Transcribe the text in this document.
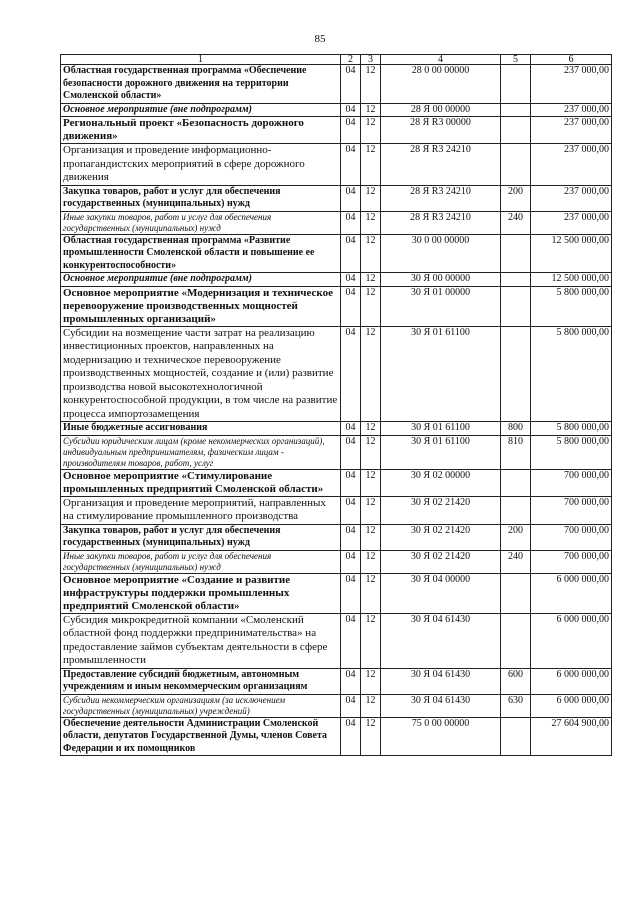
85
1	2	3	4	5	6
Областная государственная программа «Обеспечение безопасности дорожного движения на территории Смоленской области»	04	12	28 0 00 00000		237 000,00
Основное мероприятие (вне подпрограмм)	04	12	28 Я 00 00000		237 000,00
Региональный проект «Безопасность дорожного движения»	04	12	28 Я R3 00000		237 000,00
Организация и проведение информационно-пропагандистских мероприятий в сфере дорожного движения	04	12	28 Я R3 24210		237 000,00
Закупка товаров, работ и услуг для обеспечения государственных (муниципальных) нужд	04	12	28 Я R3 24210	200	237 000,00
Иные закупки товаров, работ и услуг для обеспечения государственных (муниципальных) нужд	04	12	28 Я R3 24210	240	237 000,00
Областная государственная программа «Развитие промышленности Смоленской области и повышение ее конкурентоспособности»	04	12	30 0 00 00000		12 500 000,00
Основное мероприятие (вне подпрограмм)	04	12	30 Я 00 00000		12 500 000,00
Основное мероприятие «Модернизация и техническое перевооружение производственных мощностей промышленных организаций»	04	12	30 Я 01 00000		5 800 000,00
Субсидии на возмещение части затрат на реализацию инвестиционных проектов, направленных на модернизацию и техническое перевооружение производственных мощностей, создание и (или) развитие производства новой высокотехнологичной конкурентоспособной продукции, в том числе на развитие процесса импортозамещения	04	12	30 Я 01 61100		5 800 000,00
Иные бюджетные ассигнования	04	12	30 Я 01 61100	800	5 800 000,00
Субсидии юридическим лицам (кроме некоммерческих организаций), индивидуальным предпринимателям, физическим лицам - производителям товаров, работ, услуг	04	12	30 Я 01 61100	810	5 800 000,00
Основное мероприятие «Стимулирование промышленных предприятий Смоленской области»	04	12	30 Я 02 00000		700 000,00
Организация и проведение мероприятий, направленных на стимулирование промышленного производства	04	12	30 Я 02 21420		700 000,00
Закупка товаров, работ и услуг для обеспечения государственных (муниципальных) нужд	04	12	30 Я 02 21420	200	700 000,00
Иные закупки товаров, работ и услуг для обеспечения государственных (муниципальных) нужд	04	12	30 Я 02 21420	240	700 000,00
Основное мероприятие «Создание и развитие инфраструктуры поддержки промышленных предприятий Смоленской области»	04	12	30 Я 04 00000		6 000 000,00
Субсидия микрокредитной компании «Смоленский областной фонд поддержки предпринимательства» на предоставление займов субъектам деятельности в сфере промышленности	04	12	30 Я 04 61430		6 000 000,00
Предоставление субсидий бюджетным, автономным учреждениям и иным некоммерческим организациям	04	12	30 Я 04 61430	600	6 000 000,00
Субсидии некоммерческим организациям (за исключением государственных (муниципальных) учреждений)	04	12	30 Я 04 61430	630	6 000 000,00
Обеспечение деятельности Администрации Смоленской области, депутатов Государственной Думы, членов Совета Федерации и их помощников	04	12	75 0 00 00000		27 604 900,00
